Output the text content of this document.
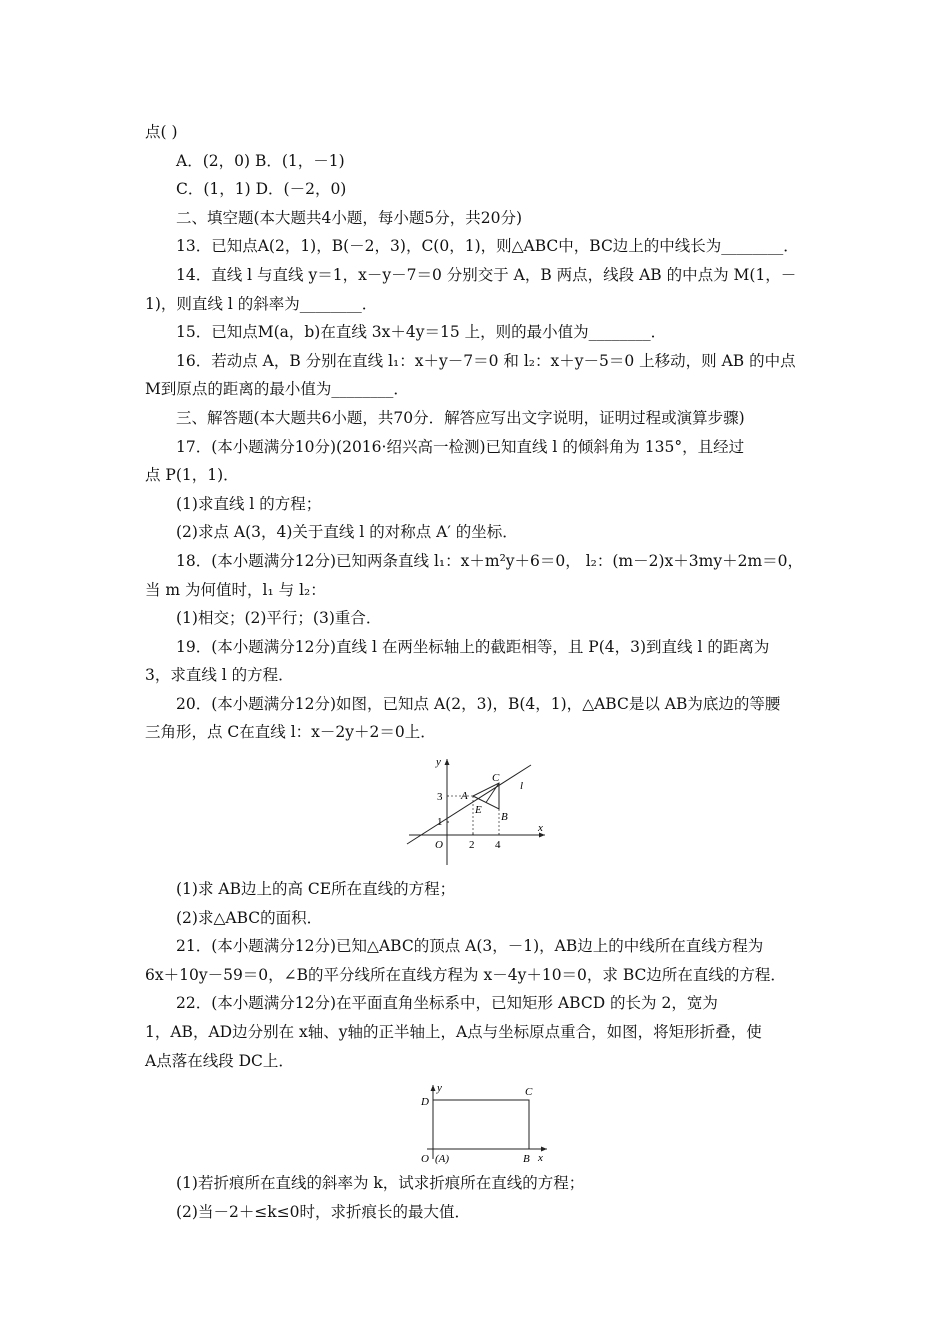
点( )
A．(2，0) B．(1，－1)
C．(1，1) D．(－2，0)
二、填空题(本大题共4小题，每小题5分，共20分)
13．已知点A(2，1)，B(－2，3)，C(0，1)，则△ABC中，BC边上的中线长为________．
14．直线 l 与直线 y＝1，x－y－7＝0 分别交于 A，B 两点，线段 AB 的中点为 M(1，－
1)，则直线 l 的斜率为________．
15．已知点M(a，b)在直线 3x＋4y＝15 上，则的最小值为________．
16．若动点 A，B 分别在直线 l₁：x＋y－7＝0 和 l₂：x＋y－5＝0 上移动，则 AB 的中点
M到原点的距离的最小值为________．
三、解答题(本大题共6小题，共70分．解答应写出文字说明，证明过程或演算步骤)
17．(本小题满分10分)(2016·绍兴高一检测)已知直线 l 的倾斜角为 135°，且经过
点 P(1，1)．
(1)求直线 l 的方程；
(2)求点 A(3，4)关于直线 l 的对称点 A′ 的坐标．
18．(本小题满分12分)已知两条直线 l₁：x＋m²y＋6＝0， l₂：(m－2)x＋3my＋2m＝0，
当 m 为何值时，l₁ 与 l₂：
(1)相交；(2)平行；(3)重合．
19．(本小题满分12分)直线 l 在两坐标轴上的截距相等，且 P(4，3)到直线 l 的距离为
3，求直线 l 的方程．
20．(本小题满分12分)如图，已知点 A(2，3)，B(4，1)，△ABC是以 AB为底边的等腰
三角形，点 C在直线 l：x－2y＋2＝0上．
y
x
O
3
1
2 4
A
B
C
E
l
(1)求 AB边上的高 CE所在直线的方程；
(2)求△ABC的面积．
21．(本小题满分12分)已知△ABC的顶点 A(3，－1)，AB边上的中线所在直线方程为
6x＋10y－59＝0，∠B的平分线所在直线方程为 x－4y＋10＝0，求 BC边所在直线的方程．
22．(本小题满分12分)在平面直角坐标系中，已知矩形 ABCD 的长为 2，宽为
1，AB，AD边分别在 x轴、y轴的正半轴上，A点与坐标原点重合，如图，将矩形折叠，使
A点落在线段 DC上．
D
y	C
O (A)	B x
(1)若折痕所在直线的斜率为 k，试求折痕所在直线的方程；
(2)当－2＋≤k≤0时，求折痕长的最大值．
